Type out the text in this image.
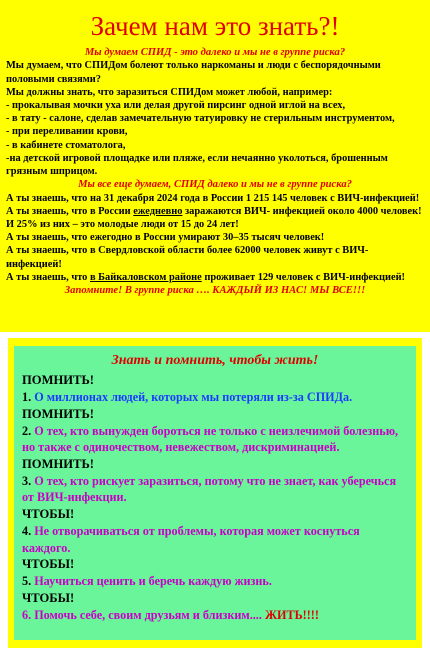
Зачем нам это знать?!
Мы думаем СПИД - это далеко и мы не в группе риска?
Мы думаем, что СПИДом болеют только наркоманы и люди с беспорядочными половыми связями?
Мы должны знать, что заразиться СПИДом может любой, например:
- прокалывая мочки уха или делая другой пирсинг одной иглой на всех,
- в тату - салоне, сделав замечательную татуировку не стерильным инструментом,
- при переливании крови,
- в кабинете стоматолога,
-на детской игровой площадке или пляже, если нечаянно уколоться, брошенным грязным шприцом.
Мы все еще думаем, СПИД далеко и мы не в группе риска?
А ты знаешь, что на 31 декабря 2024 года в России 1 215 145 человек с ВИЧ-инфекцией!
А ты знаешь, что в России ежедневно заражаются ВИЧ- инфекцией около 4000 человек! И 25% из них – это молодые люди от 15 до 24 лет!
А ты знаешь, что ежегодно в России умирают 30–35 тысяч человек!
А ты знаешь, что в Свердловской области более 62000 человек живут с ВИЧ-инфекцией!
А ты знаешь, что в Байкаловском районе проживает 129 человек с ВИЧ-инфекцией!
Запомните! В группе риска …. КАЖДЫЙ ИЗ НАС! МЫ ВСЕ!!!
Знать и помнить, чтобы жить!
ПОМНИТЬ!
1. О миллионах людей, которых мы потеряли из-за СПИДа.
ПОМНИТЬ!
2. О тех, кто вынужден бороться не только с неизлечимой болезнью, но также с одиночеством, невежеством, дискриминацией.
ПОМНИТЬ!
3. О тех, кто рискует заразиться, потому что не знает, как уберечься от ВИЧ-инфекции.
ЧТОБЫ!
4. Не отворачиваться от проблемы, которая может коснуться каждого.
ЧТОБЫ!
5. Научиться ценить и беречь каждую жизнь.
ЧТОБЫ!
6. Помочь себе, своим друзьям и близким.... ЖИТЬ!!!!
